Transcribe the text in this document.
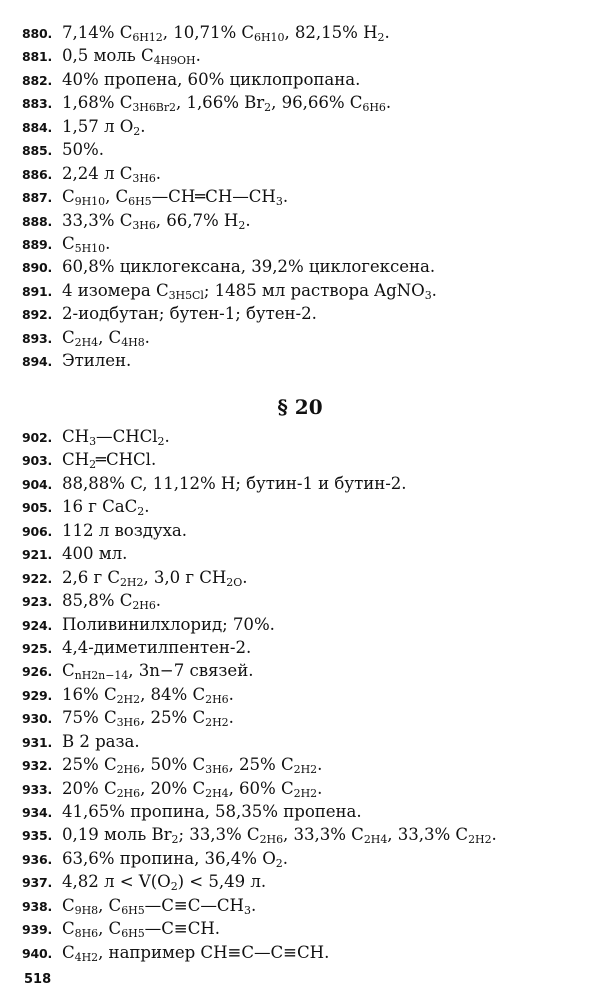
880. 7,14% $C_{6H12}$, 10,71% $C_{6H10}$, 82,15% $H_2$.
881. 0,5 моль $C_{4H9OH}$.
882. 40% пропена, 60% циклопропана.
883. 1,68% $C_{3H6Br2}$, 1,66% $Br_2$, 96,66% $C_{6H6}$.
884. 1,57 л $O_2$.
885. 50%.
886. 2,24 л $C_{3H6}$.
887. $C_{9H10}$, $C_{6H5}—CH═CH—CH_3$.
888. 33,3% $C_{3H6}$, 66,7% $H_2$.
889. $C_{5H10}$.
890. 60,8% циклогексана, 39,2% циклогексена.
891. 4 изомера $C_{3H5Cl}$; 1485 мл раствора AgNO$_3$.
892. 2-иодбутан; бутен-1; бутен-2.
893. $C_{2H4}$, $C_{4H8}$.
894. Этилен.
§ 20
902. $CH_3—CHCl_2$.
903. $CH_2═CHCl$.
904. 88,88% C, 11,12% H; бутин-1 и бутин-2.
905. 16 г CaC$_2$.
906. 112 л воздуха.
921. 400 мл.
922. 2,6 г $C_{2H2}$, 3,0 г $CH_{2O}$.
923. 85,8% $C_{2H6}$.
924. Поливинилхлорид; 70%.
925. 4,4-диметилпентен-2.
926. $C_{nH2n-14}$, 3n−7 связей.
929. 16% $C_{2H2}$, 84% $C_{2H6}$.
930. 75% $C_{3H6}$, 25% $C_{2H2}$.
931. В 2 раза.
932. 25% $C_{2H6}$, 50% $C_{3H6}$, 25% $C_{2H2}$.
933. 20% $C_{2H6}$, 20% $C_{2H4}$, 60% $C_{2H2}$.
934. 41,65% пропина, 58,35% пропена.
935. 0,19 моль $Br_2$; 33,3% $C_{2H6}$, 33,3% $C_{2H4}$, 33,3% $C_{2H2}$.
936. 63,6% пропина, 36,4% $O_2$.
937. 4,82 $л < V(O_2) < 5,49$ л.
938. $C_{9H8}$, $C_{6H5}—C\equiv C—CH_3$.
939. $C_{8H6}$, $C_{6H5}—C\equiv CH$.
940. $C_{4H2}$, например CH≡C—C≡CH.
518
